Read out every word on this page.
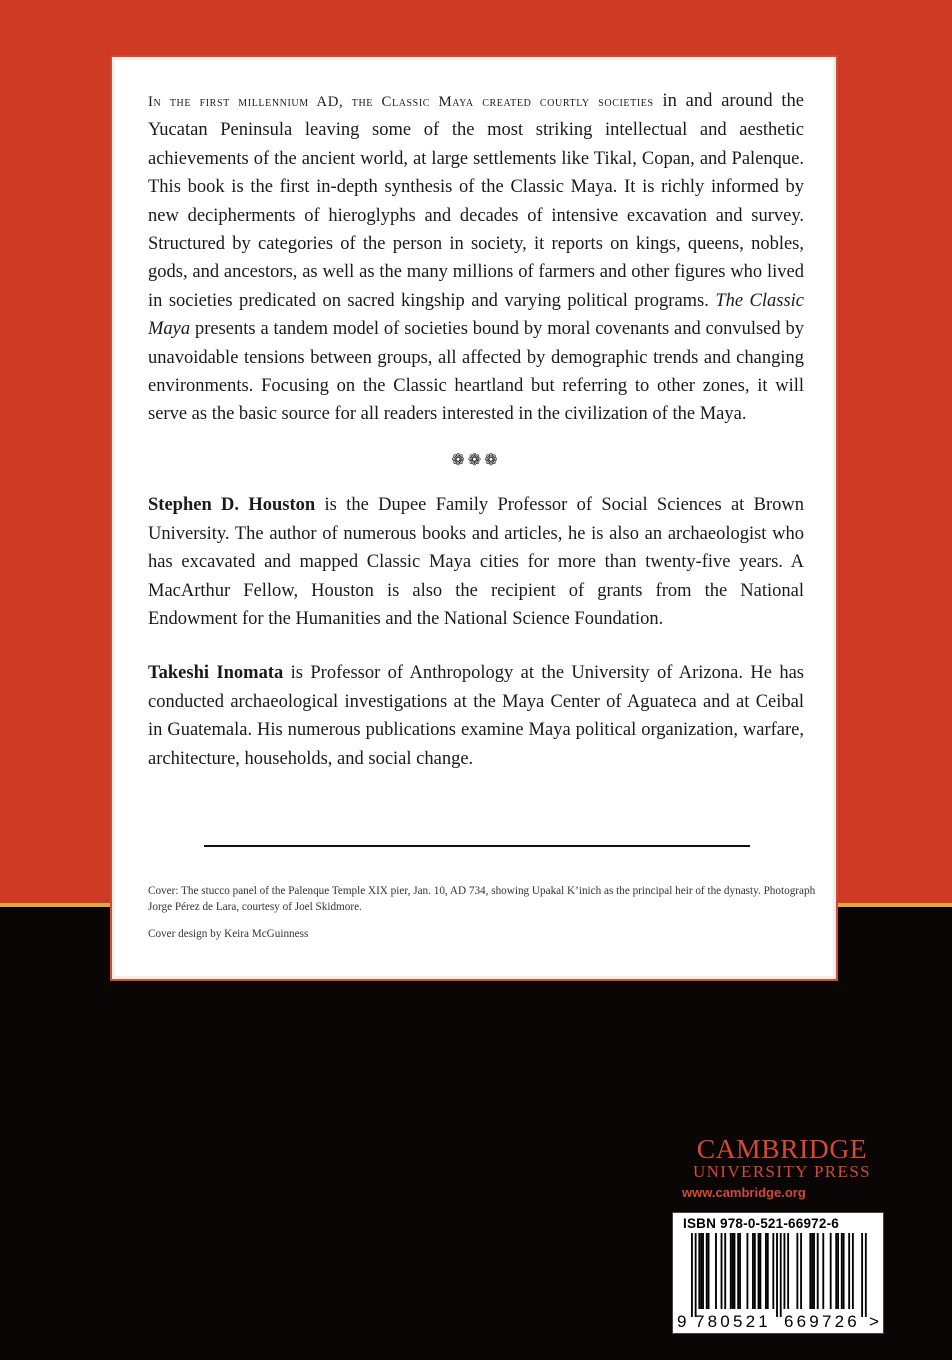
In the first millennium AD, the Classic Maya created courtly societies in and around the Yucatan Peninsula leaving some of the most striking intellectual and aesthetic achievements of the ancient world, at large settlements like Tikal, Copan, and Palenque. This book is the first in-depth synthesis of the Classic Maya. It is richly informed by new decipherments of hieroglyphs and decades of intensive excavation and survey. Structured by categories of the person in society, it reports on kings, queens, nobles, gods, and ancestors, as well as the many millions of farmers and other figures who lived in societies predicated on sacred kingship and varying political programs. The Classic Maya presents a tandem model of societies bound by moral covenants and convulsed by unavoidable tensions between groups, all affected by demographic trends and changing environments. Focusing on the Classic heartland but referring to other zones, it will serve as the basic source for all readers interested in the civilization of the Maya.

❁❁❁

Stephen D. Houston is the Dupee Family Professor of Social Sciences at Brown University. The author of numerous books and articles, he is also an archaeologist who has excavated and mapped Classic Maya cities for more than twenty-five years. A MacArthur Fellow, Houston is also the recipient of grants from the National Endowment for the Humanities and the National Science Foundation.

Takeshi Inomata is Professor of Anthropology at the University of Arizona. He has conducted archaeological investigations at the Maya Center of Aguateca and at Ceibal in Guatemala. His numerous publications examine Maya political organization, warfare, architecture, households, and social change.

Cover: The stucco panel of the Palenque Temple XIX pier, Jan. 10, AD 734, showing Upakal K’inich as the principal heir of the dynasty. Photograph Jorge Pérez de Lara, courtesy of Joel Skidmore.

Cover design by Keira McGuinness

CAMBRIDGE
UNIVERSITY PRESS
www.cambridge.org
ISBN 978-0-521-66972-6
9 780521 669726 >
